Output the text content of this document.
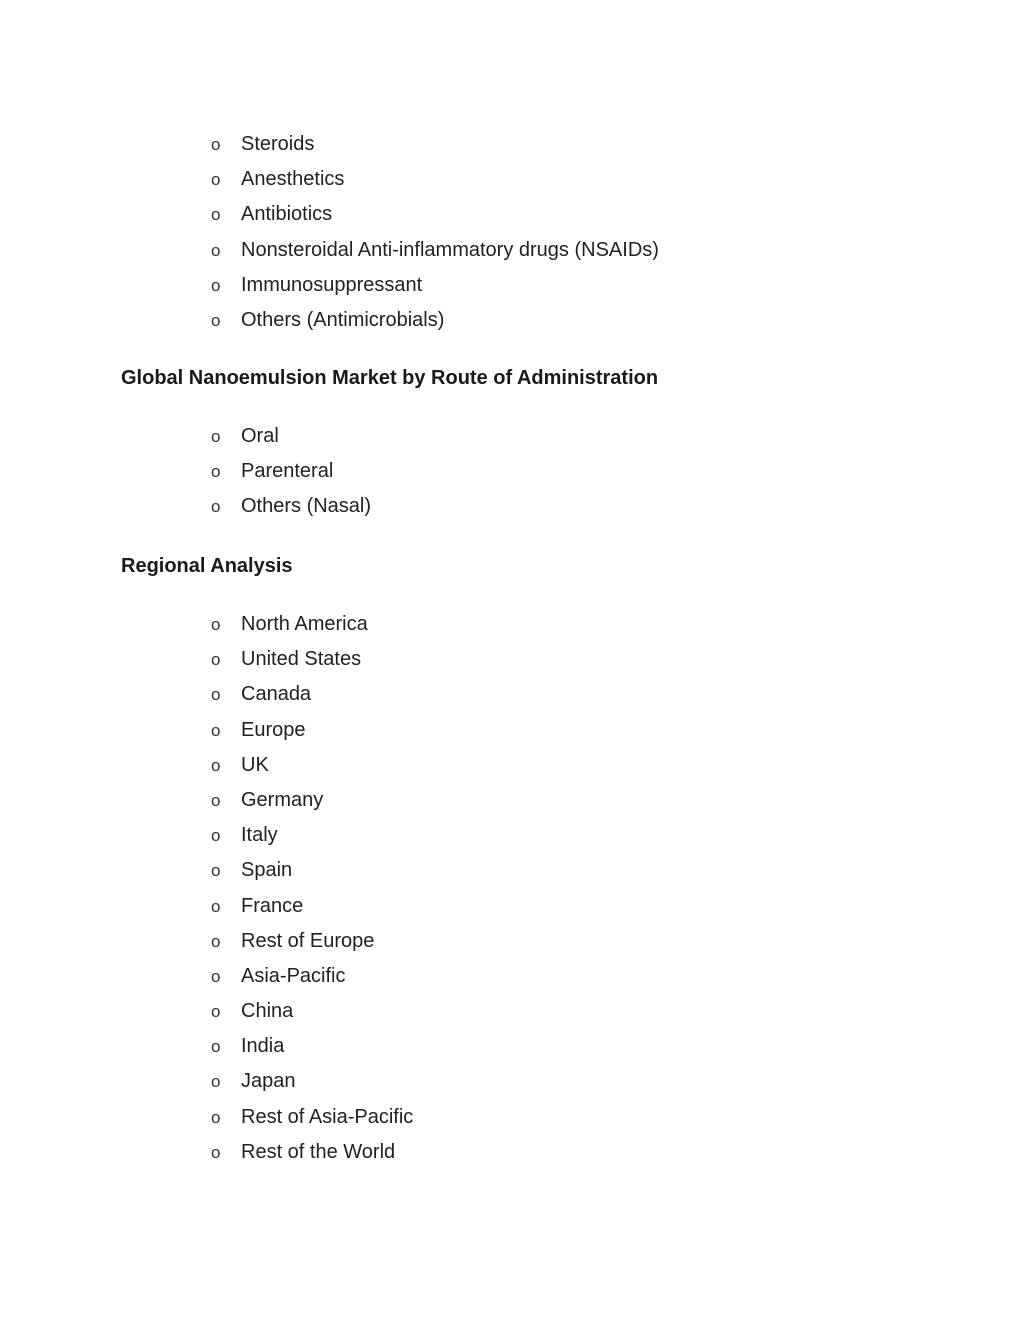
o Steroids
o Anesthetics
o Antibiotics
o Nonsteroidal Anti-inflammatory drugs (NSAIDs)
o Immunosuppressant
o Others (Antimicrobials)
Global Nanoemulsion Market by Route of Administration
o Oral
o Parenteral
o Others (Nasal)
Regional Analysis
o North America
o United States
o Canada
o Europe
o UK
o Germany
o Italy
o Spain
o France
o Rest of Europe
o Asia-Pacific
o China
o India
o Japan
o Rest of Asia-Pacific
o Rest of the World
